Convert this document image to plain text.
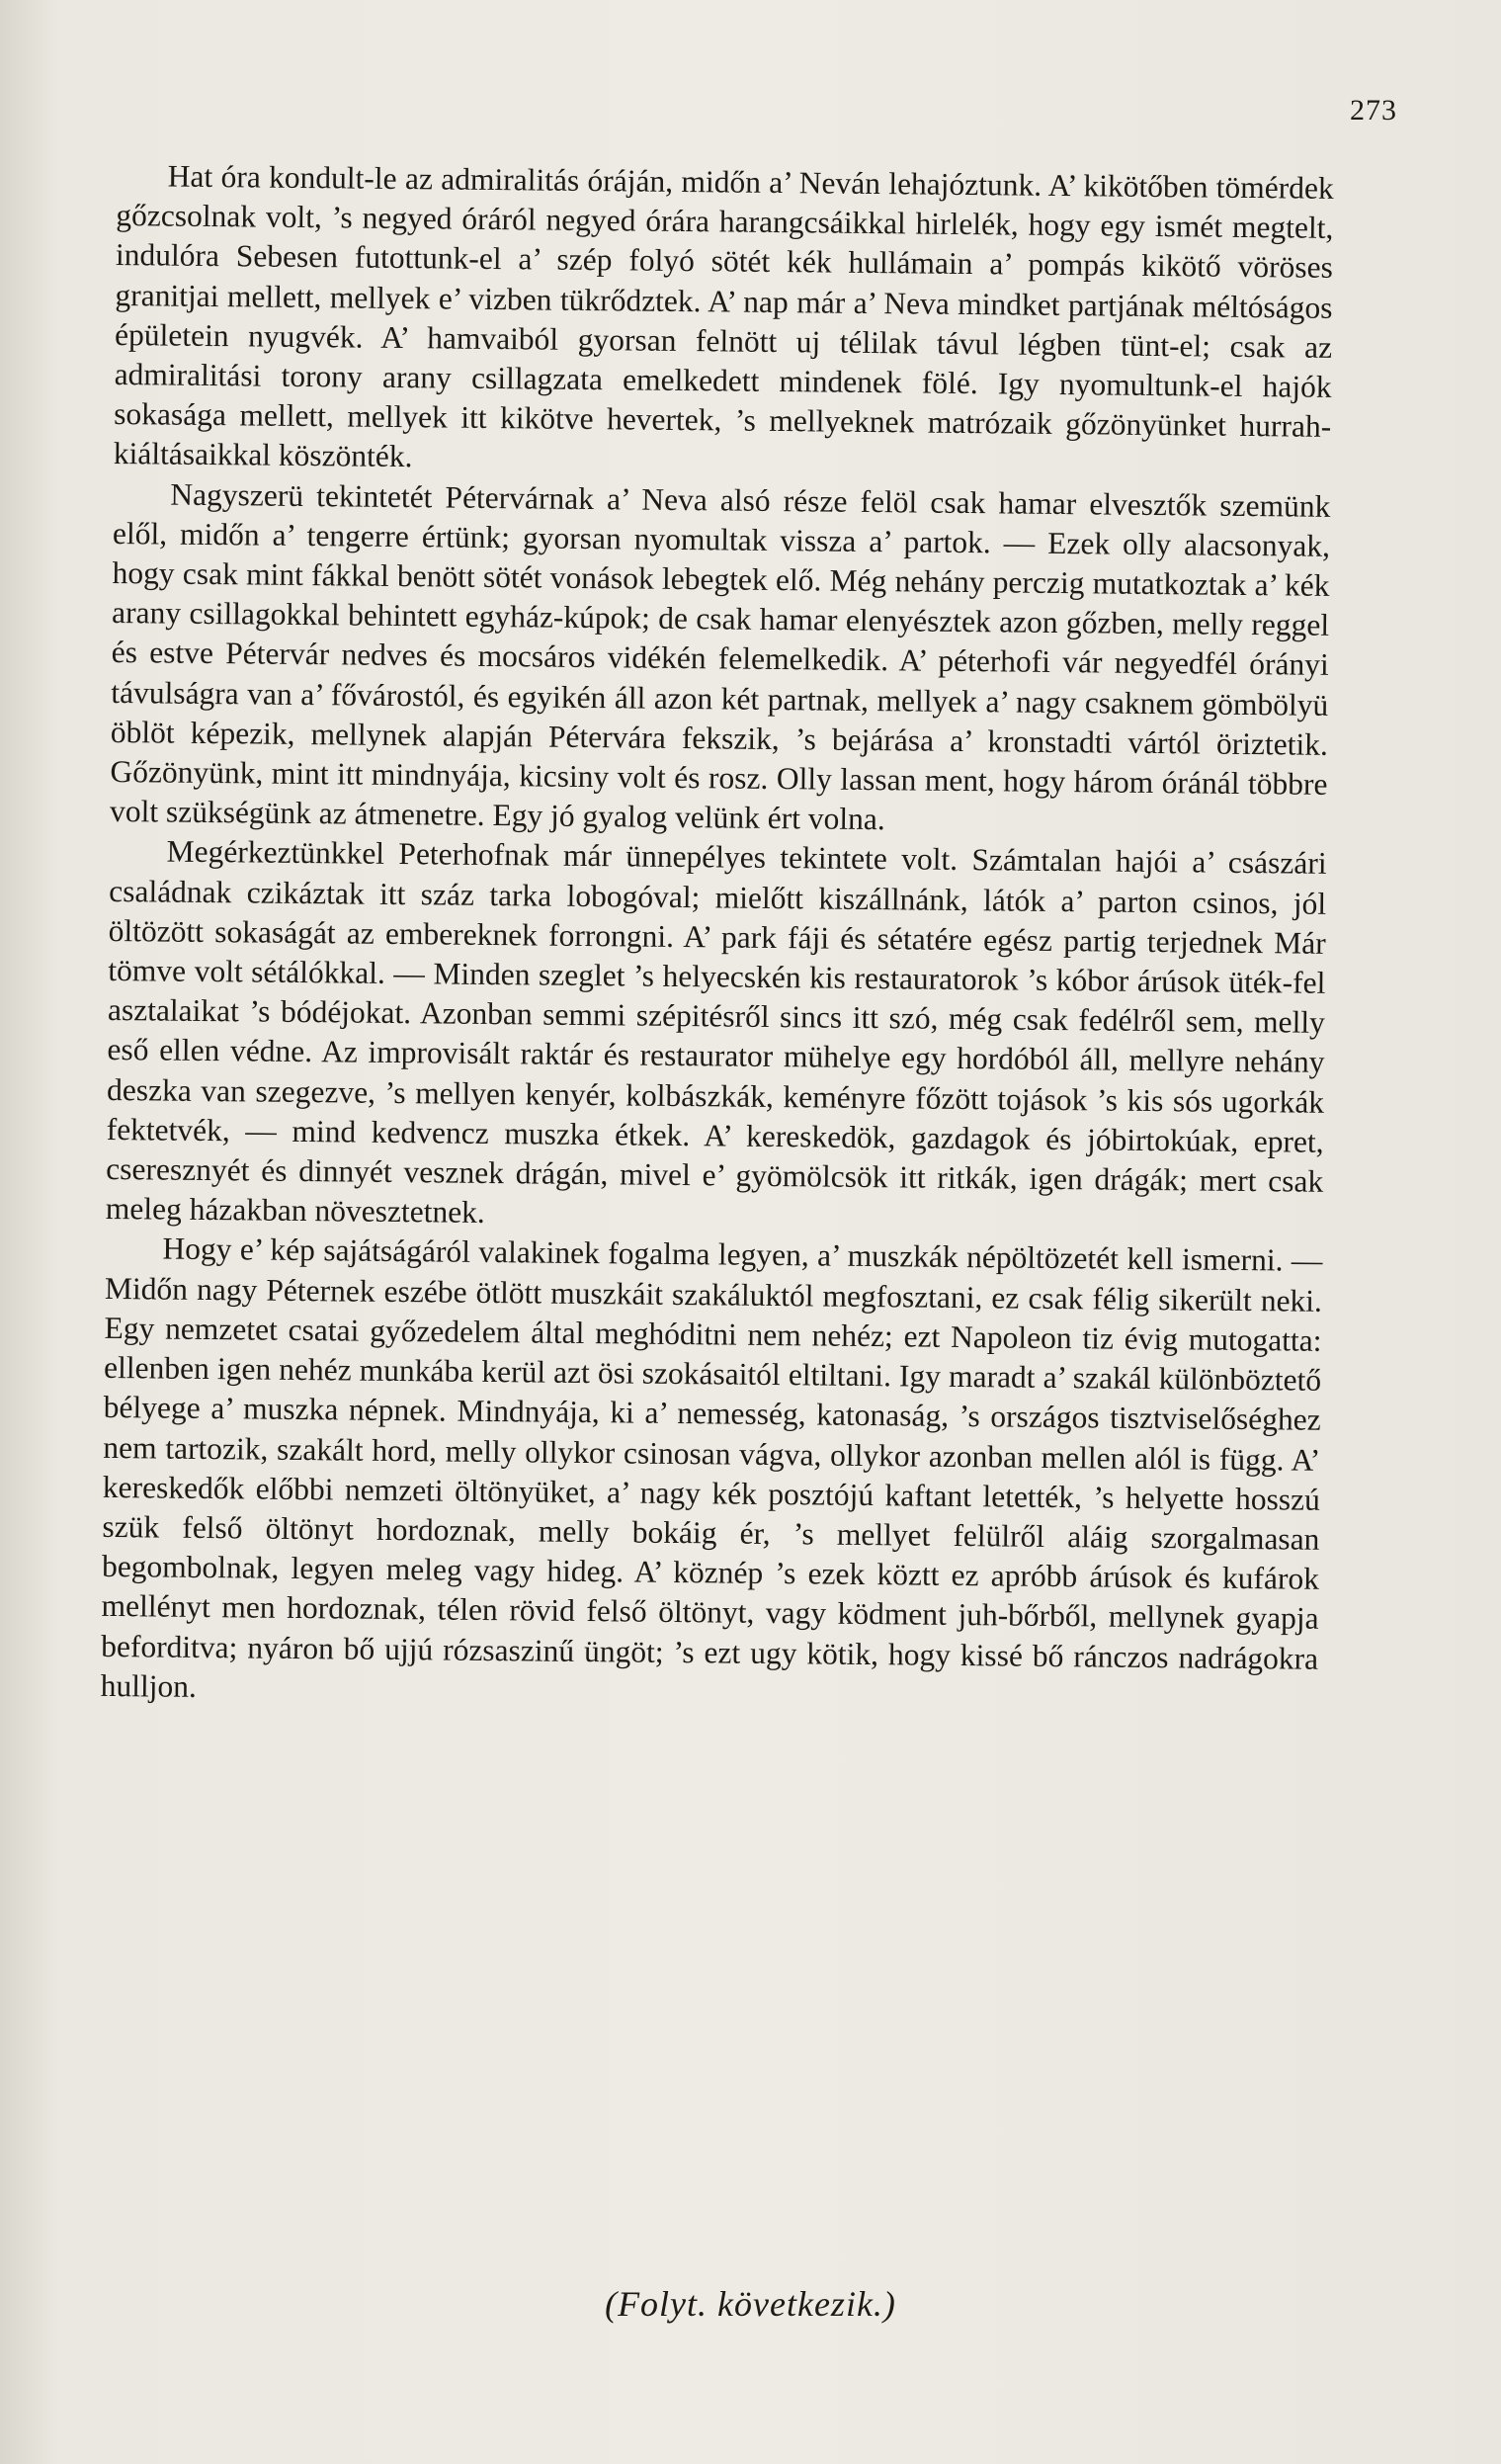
273

Hat óra kondult-le az admiralitás óráján, midőn a’ Neván lehajóztunk. A’ kikötőben tömérdek gőzcsolnak volt, ’s negyed óráról negyed órára harangcsáikkal hirlelék, hogy egy ismét megtelt, indulóra Sebesen futottunk-el a’ szép folyó sötét kék hullámain a’ pompás kikötő vöröses granitjai mellett, mellyek e’ vizben tükrődztek. A’ nap már a’ Neva mindket partjának méltóságos épületein nyugvék. A’ hamvaiból gyorsan felnött uj télilak távul légben tünt-el; csak az admiralitási torony arany csillagzata emelkedett mindenek fölé. Igy nyomultunk-el hajók sokasága mellett, mellyek itt kikötve hevertek, ’s mellyeknek matrózaik gőzönyünket hurrah-kiáltásaikkal köszönték.

Nagyszerü tekintetét Pétervárnak a’ Neva alsó része felöl csak hamar elvesztők szemünk elől, midőn a’ tengerre értünk; gyorsan nyomultak vissza a’ partok. — Ezek olly alacsonyak, hogy csak mint fákkal benött sötét vonások lebegtek elő. Még nehány perczig mutatkoztak a’ kék arany csillagokkal behintett egyház-kúpok; de csak hamar elenyésztek azon gőzben, melly reggel és estve Pétervár nedves és mocsáros vidékén felemelkedik. A’ péterhofi vár negyedfél órányi távulságra van a’ fővárostól, és egyikén áll azon két partnak, mellyek a’ nagy csaknem gömbölyü öblöt képezik, mellynek alapján Pétervára fekszik, ’s bejárása a’ kronstadti vártól öriztetik. Gőzönyünk, mint itt mindnyája, kicsiny volt és rosz. Olly lassan ment, hogy három óránál többre volt szükségünk az átmenetre. Egy jó gyalog velünk ért volna.

Megérkeztünkkel Peterhofnak már ünnepélyes tekintete volt. Számtalan hajói a’ császári családnak czikáztak itt száz tarka lobogóval; mielőtt kiszállnánk, látók a’ parton csinos, jól öltözött sokaságát az embereknek forrongni. A’ park fáji és sétatére egész partig terjednek Már tömve volt sétálókkal. — Minden szeglet ’s helyecskén kis restauratorok ’s kóbor árúsok üték-fel asztalaikat ’s bódéjokat. Azonban semmi szépitésről sincs itt szó, még csak fedélről sem, melly eső ellen védne. Az improvisált raktár és restaurator mühelye egy hordóból áll, mellyre nehány deszka van szegezve, ’s mellyen kenyér, kolbászkák, keményre főzött tojások ’s kis sós ugorkák fektetvék, — mind kedvencz muszka étkek. A’ kereskedök, gazdagok és jóbirtokúak, epret, cseresznyét és dinnyét vesznek drágán, mivel e’ gyömölcsök itt ritkák, igen drágák; mert csak meleg házakban növesztetnek.

Hogy e’ kép sajátságáról valakinek fogalma legyen, a’ muszkák népöltözetét kell ismerni. — Midőn nagy Péternek eszébe ötlött muszkáit szakáluktól megfosztani, ez csak félig sikerült neki. Egy nemzetet csatai győzedelem által meghóditni nem nehéz; ezt Napoleon tiz évig mutogatta: ellenben igen nehéz munkába kerül azt ösi szokásaitól eltiltani. Igy maradt a’ szakál különböztető bélyege a’ muszka népnek. Mindnyája, ki a’ nemesség, katonaság, ’s országos tisztviselőséghez nem tartozik, szakált hord, melly ollykor csinosan vágva, ollykor azonban mellen alól is függ. A’ kereskedők előbbi nemzeti öltönyüket, a’ nagy kék posztójú kaftant letették, ’s helyette hosszú szük felső öltönyt hordoznak, melly bokáig ér, ’s mellyet felülről aláig szorgalmasan begombolnak, legyen meleg vagy hideg. A’ köznép ’s ezek köztt ez apróbb árúsok és kufárok mellényt men hordoznak, télen rövid felső öltönyt, vagy ködment juh-bőrből, mellynek gyapja beforditva; nyáron bő ujjú rózsaszinű üngöt; ’s ezt ugy kötik, hogy kissé bő ránczos nadrágokra hulljon.

(Folyt. következik.)
